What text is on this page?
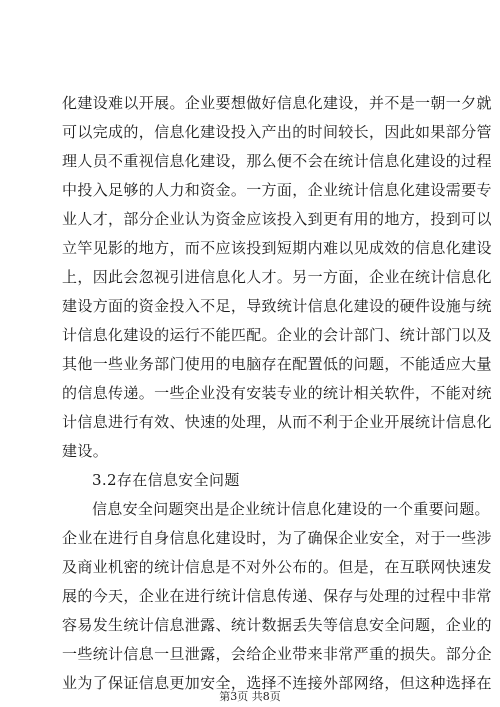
化建设难以开展。企业要想做好信息化建设，并不是一朝一夕就
可以完成的，信息化建设投入产出的时间较长，因此如果部分管
理人员不重视信息化建设，那么便不会在统计信息化建设的过程
中投入足够的人力和资金。一方面，企业统计信息化建设需要专
业人才，部分企业认为资金应该投入到更有用的地方，投到可以
立竿见影的地方，而不应该投到短期内难以见成效的信息化建设
上，因此会忽视引进信息化人才。另一方面，企业在统计信息化
建设方面的资金投入不足，导致统计信息化建设的硬件设施与统
计信息化建设的运行不能匹配。企业的会计部门、统计部门以及
其他一些业务部门使用的电脑存在配置低的问题，不能适应大量
的信息传递。一些企业没有安装专业的统计相关软件，不能对统
计信息进行有效、快速的处理，从而不利于企业开展统计信息化
建设。
3.2存在信息安全问题
信息安全问题突出是企业统计信息化建设的一个重要问题。
企业在进行自身信息化建设时，为了确保企业安全，对于一些涉
及商业机密的统计信息是不对外公布的。但是，在互联网快速发
展的今天，企业在进行统计信息传递、保存与处理的过程中非常
容易发生统计信息泄露、统计数据丢失等信息安全问题，企业的
一些统计信息一旦泄露，会给企业带来非常严重的损失。部分企
业为了保证信息更加安全，选择不连接外部网络，但这种选择在
第3页 共8页
